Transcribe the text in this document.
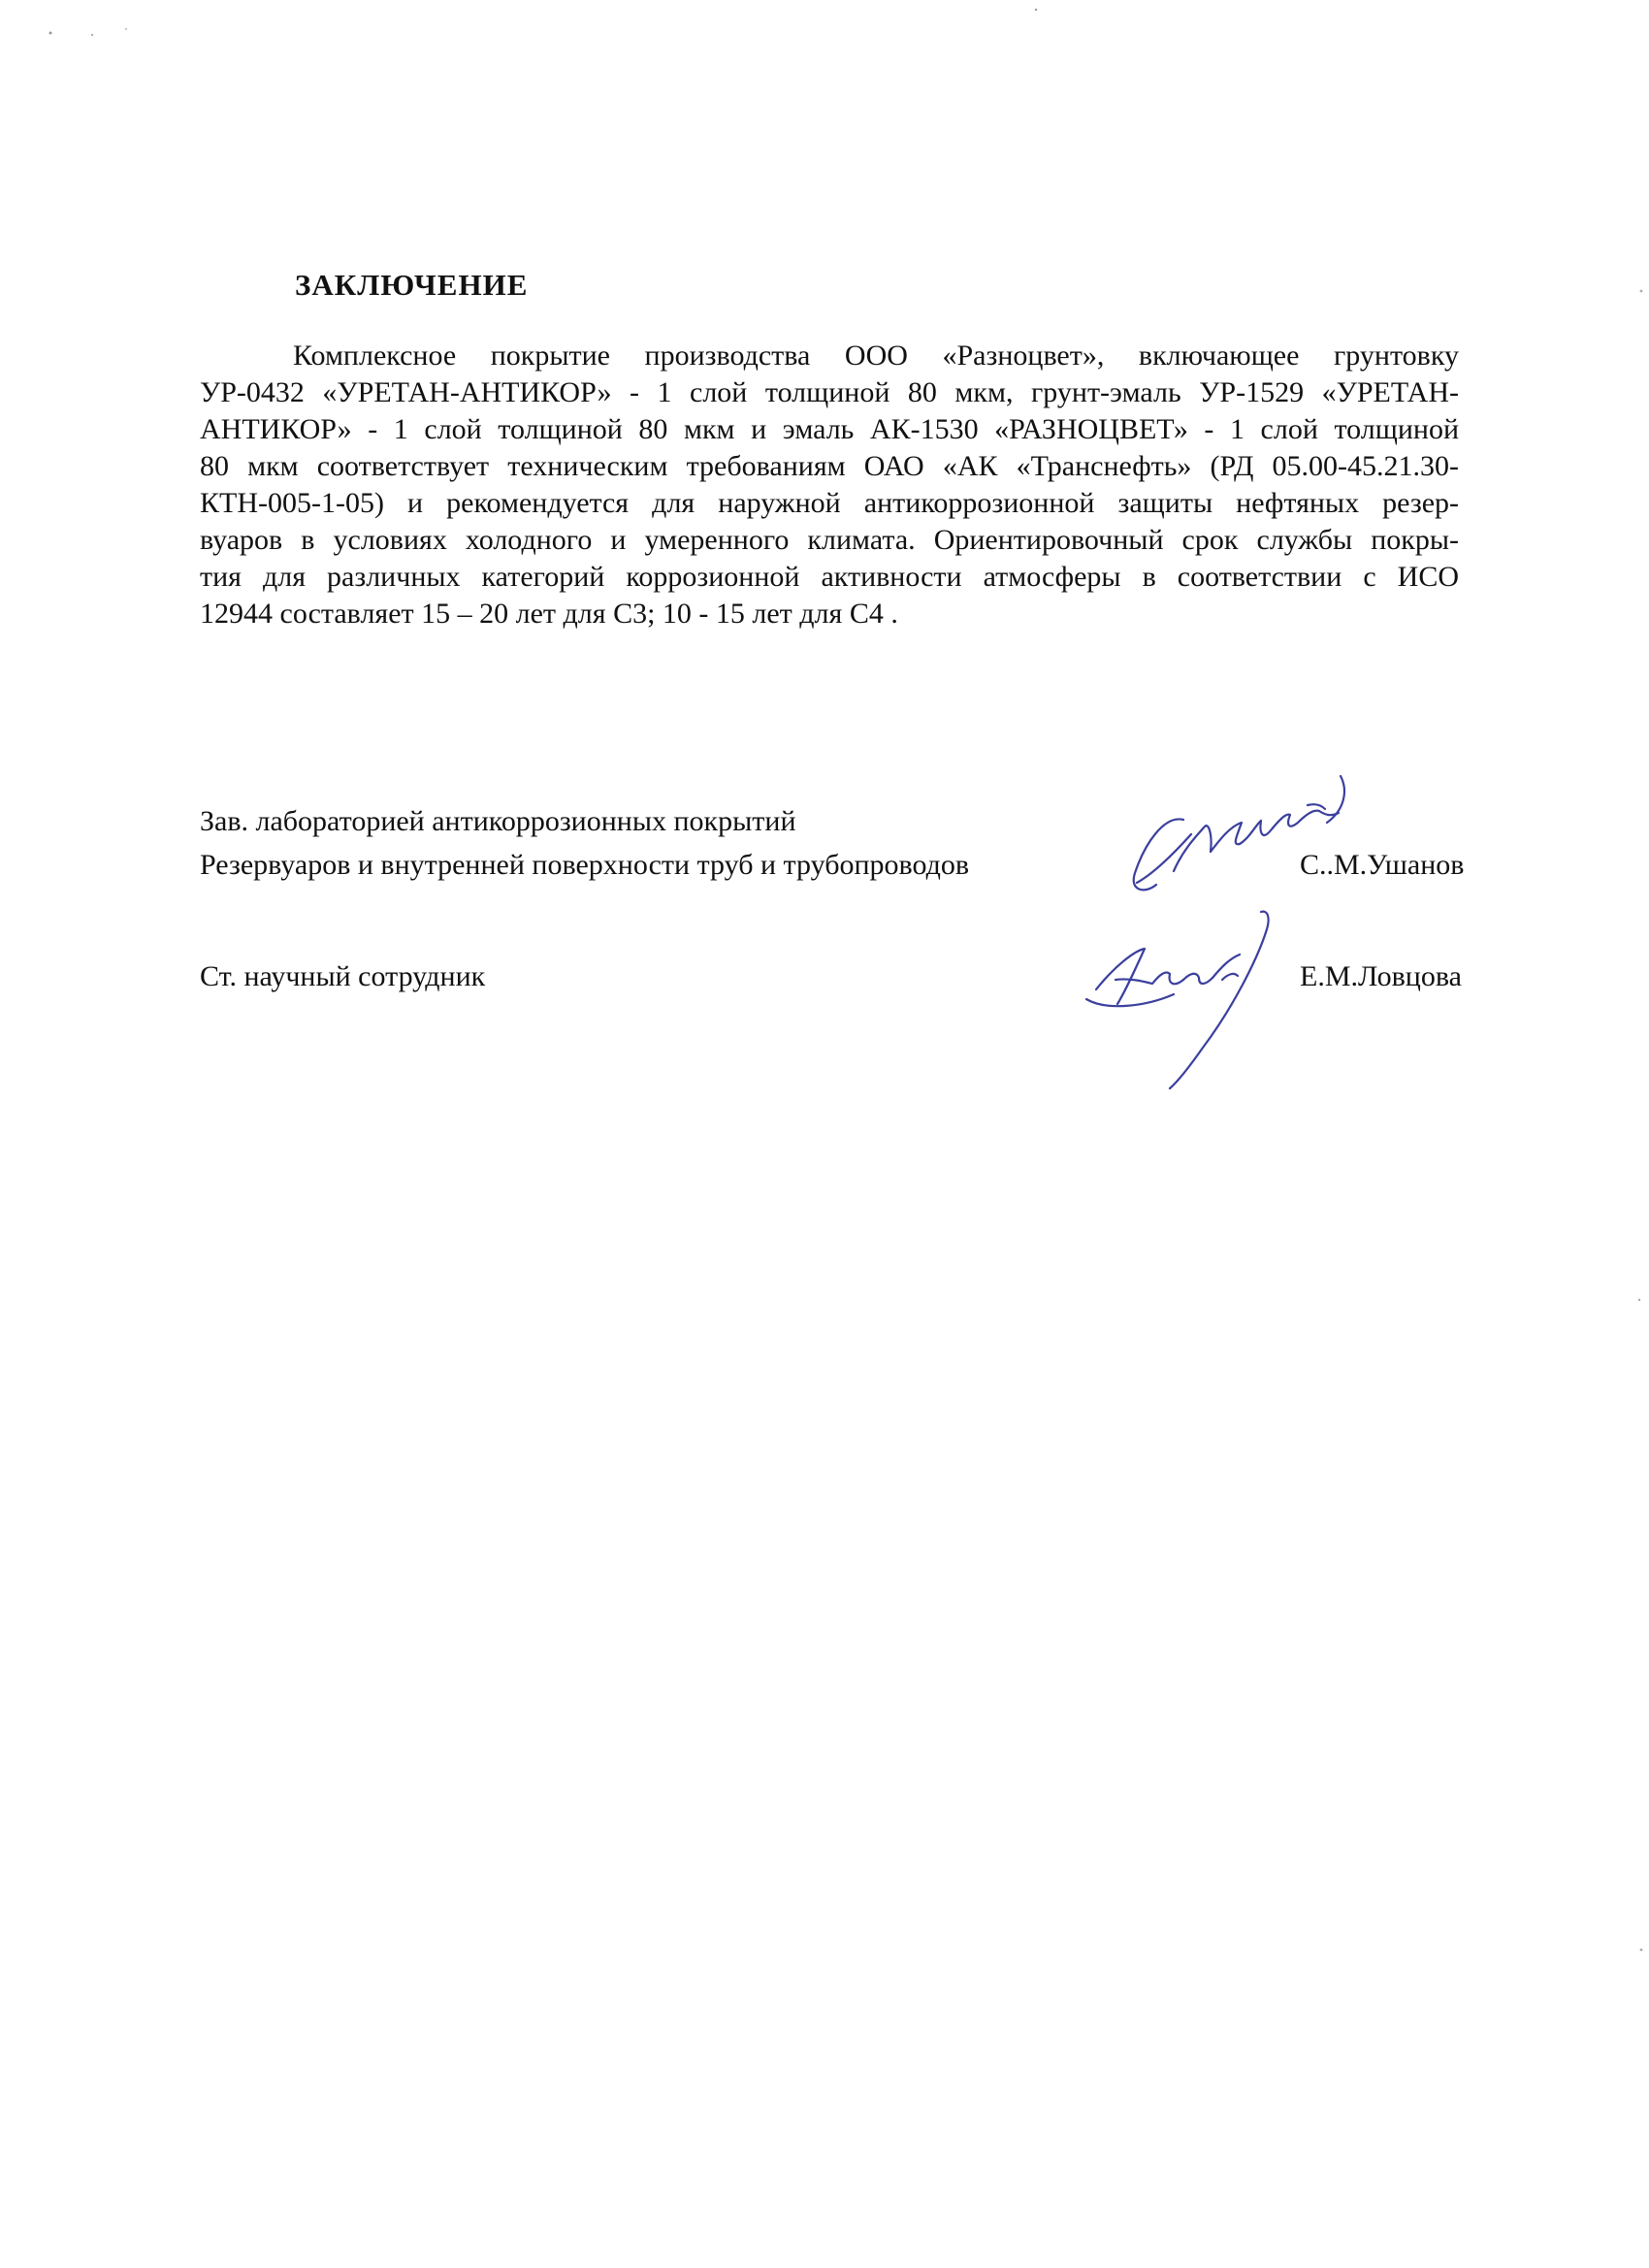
ЗАКЛЮЧЕНИЕ
Комплексное покрытие производства ООО «Разноцвет», включающее грунтовку
УР-0432 «УРЕТАН-АНТИКОР» - 1 слой толщиной 80 мкм, грунт-эмаль УР-1529 «УРЕТАН-
АНТИКОР» - 1 слой толщиной 80 мкм и эмаль АК-1530 «РАЗНОЦВЕТ» - 1 слой толщиной
80 мкм соответствует техническим требованиям ОАО «АК «Транснефть» (РД 05.00-45.21.30-
КТН-005-1-05) и рекомендуется для наружной антикоррозионной защиты нефтяных резер-
вуаров в условиях холодного и умеренного климата. Ориентировочный срок службы покры-
тия для различных категорий коррозионной активности атмосферы в соответствии с ИСО
12944 составляет 15 – 20 лет для С3; 10 - 15 лет для С4 .
Зав. лабораторией антикоррозионных покрытий
Резервуаров и внутренней поверхности труб и трубопроводов	С..М.Ушанов
Ст. научный сотрудник	Е.М.Ловцова
